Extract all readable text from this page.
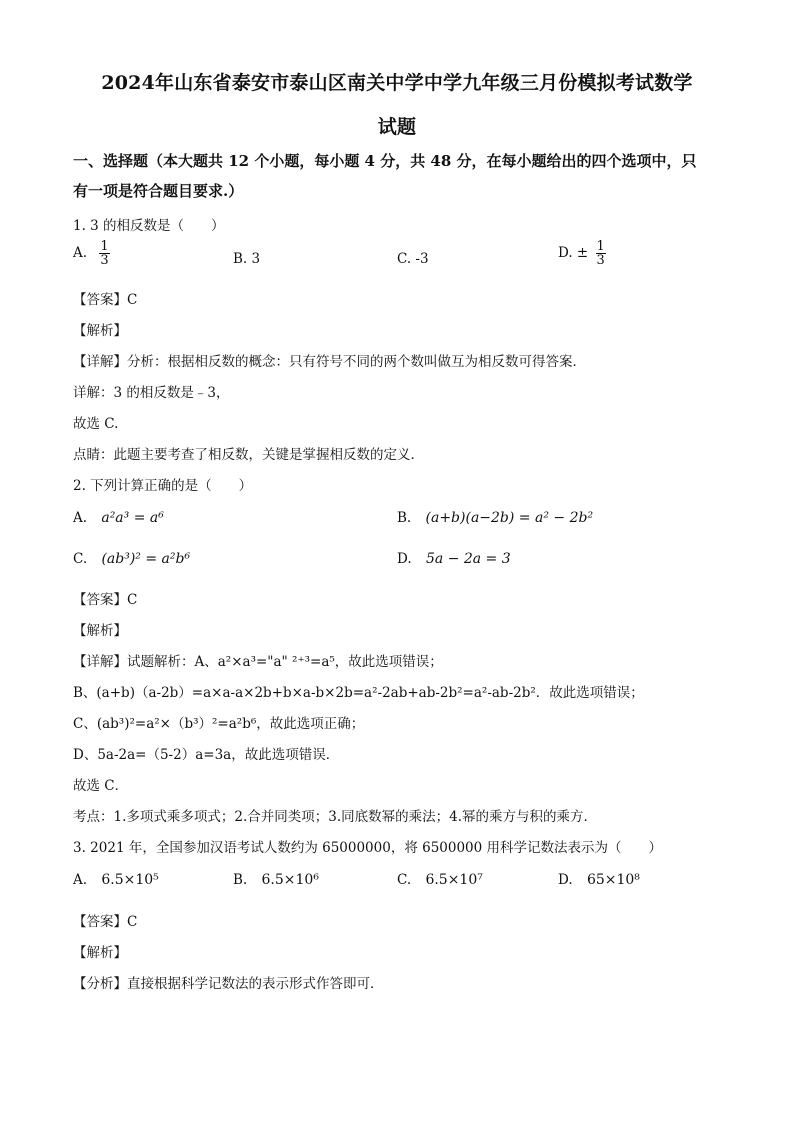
2024年山东省泰安市泰山区南关中学中学九年级三月份模拟考试数学
试题
一、选择题（本大题共 12 个小题，每小题 4 分，共 48 分，在每小题给出的四个选项中，只
有一项是符合题目要求.）
1. 3 的相反数是（　　）
A. $\frac{1}{3}$	B. 3	C. -3	D. ± $\frac{1}{3}$
【答案】C
【解析】
【详解】分析：根据相反数的概念：只有符号不同的两个数叫做互为相反数可得答案．
详解：3 的相反数是﹣3，
故选 C.
点睛：此题主要考查了相反数，关键是掌握相反数的定义．
2. 下列计算正确的是（　　）
A. a²a³ = a⁶	B. (a+b)(a−2b) = a² − 2b²
C. (ab³)² = a²b⁶	D. 5a − 2a = 3
【答案】C
【解析】
【详解】试题解析：A、a²×a³="a" ²⁺³=a⁵，故此选项错误；
B、(a+b)（a-2b）=a×a-a×2b+b×a-b×2b=a²-2ab+ab-2b²=a²-ab-2b²．故此选项错误；
C、(ab³)²=a²×（b³）²=a²b⁶，故此选项正确；
D、5a-2a=（5-2）a=3a，故此选项错误．
故选 C．
考点：1.多项式乘多项式；2.合并同类项；3.同底数幂的乘法；4.幂的乘方与积的乘方．
3. 2021 年，全国参加汉语考试人数约为 65000000，将 6500000 用科学记数法表示为（　　）
A. 6.5×10⁵	B. 6.5×10⁶	C. 6.5×10⁷	D. 65×10⁸
【答案】C
【解析】
【分析】直接根据科学记数法的表示形式作答即可．
